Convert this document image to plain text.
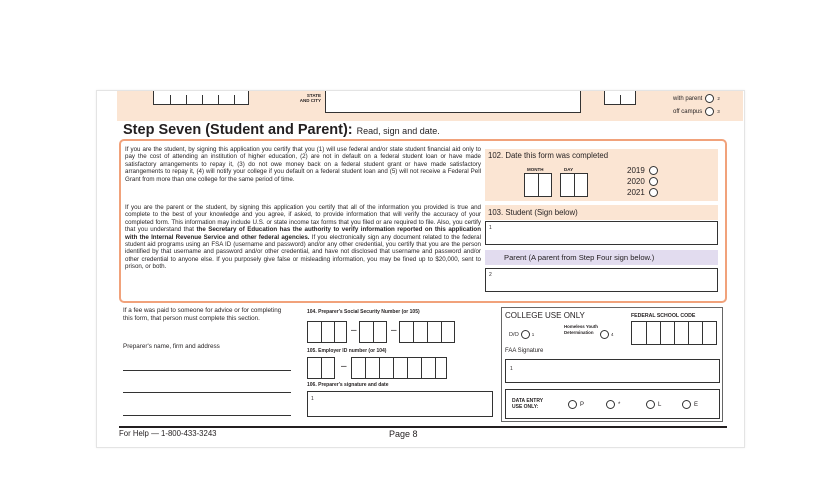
STATE
AND CITY	with parent	2
off campus	3
Step Seven (Student and Parent): Read, sign and date.
If you are the student, by signing this application you certify that you (1) will use federal and/or state student financial aid only to pay the cost of attending an institution of higher education, (2) are not in default on a federal student loan or have made satisfactory arrangements to repay it, (3) do not owe money back on a federal student grant or have made satisfactory arrangements to repay it, (4) will notify your college if you default on a federal student loan and (5) will not receive a Federal Pell Grant from more than one college for the same period of time.
If you are the parent or the student, by signing this application you certify that all of the information you provided is true and complete to the best of your knowledge and you agree, if asked, to provide information that will verify the accuracy of your completed form. This information may include U.S. or state income tax forms that you filed or are required to file. Also, you certify that you understand that the Secretary of Education has the authority to verify information reported on this application with the Internal Revenue Service and other federal agencies. If you electronically sign any document related to the federal student aid programs using an FSA ID (username and password) and/or any other credential, you certify that you are the person identified by that username and password and/or other credential, and have not disclosed that username and password and/or other credential to anyone else. If you purposely give false or misleading information, you may be fined up to $20,000, sent to prison, or both.
102. Date this form was completed
MONTH	DAY	2019
2020
2021
103. Student (Sign below)
1
Parent (A parent from Step Four sign below.)
2
If a fee was paid to someone for advice or for completing this form, that person must complete this section.
Preparer's name, firm and address
104. Preparer's Social Security Number (or 105)
–	–
105. Employer ID number (or 104)
–
106. Preparer's signature and date
1
COLLEGE USE ONLY	FEDERAL SCHOOL CODE
D/O	1
Homeless Youth Determination	4
FAA Signature
1
DATA ENTRY USE ONLY:	P	*	L	E
For Help — 1-800-433-3243	Page 8
